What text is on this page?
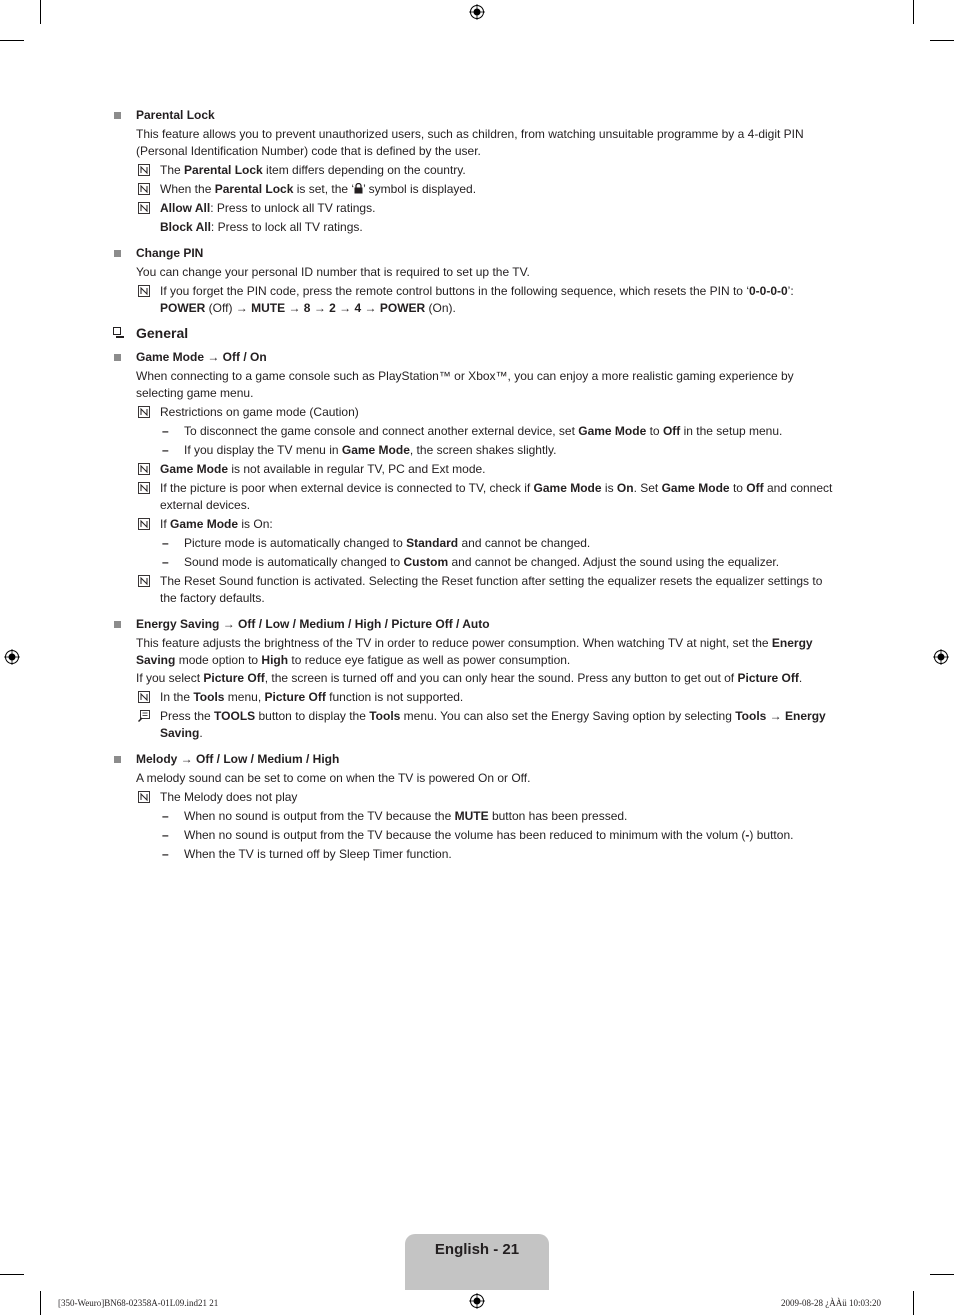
Parental Lock
This feature allows you to prevent unauthorized users, such as children, from watching unsuitable programme by a 4-digit PIN (Personal Identification Number) code that is defined by the user.
The Parental Lock item differs depending on the country.
When the Parental Lock is set, the ‘ ’ symbol is displayed.
Allow All: Press to unlock all TV ratings.
Block All: Press to lock all TV ratings.
Change PIN
You can change your personal ID number that is required to set up the TV.
If you forget the PIN code, press the remote control buttons in the following sequence, which resets the PIN to ‘0-0-0-0’:
POWER (Off) → MUTE → 8 → 2 → 4 → POWER (On).
General
Game Mode → Off / On
When connecting to a game console such as PlayStation™ or Xbox™, you can enjoy a more realistic gaming experience by selecting game menu.
Restrictions on game mode (Caution)
– To disconnect the game console and connect another external device, set Game Mode to Off in the setup menu.
– If you display the TV menu in Game Mode, the screen shakes slightly.
Game Mode is not available in regular TV, PC and Ext mode.
If the picture is poor when external device is connected to TV, check if Game Mode is On. Set Game Mode to Off and connect external devices.
If Game Mode is On:
– Picture mode is automatically changed to Standard and cannot be changed.
– Sound mode is automatically changed to Custom and cannot be changed. Adjust the sound using the equalizer.
The Reset Sound function is activated. Selecting the Reset function after setting the equalizer resets the equalizer settings to the factory defaults.
Energy Saving → Off / Low / Medium / High / Picture Off / Auto
This feature adjusts the brightness of the TV in order to reduce power consumption. When watching TV at night, set the Energy Saving mode option to High to reduce eye fatigue as well as power consumption.
If you select Picture Off, the screen is turned off and you can only hear the sound. Press any button to get out of Picture Off.
In the Tools menu, Picture Off function is not supported.
Press the TOOLS button to display the Tools menu. You can also set the Energy Saving option by selecting Tools → Energy Saving.
Melody → Off / Low / Medium / High
A melody sound can be set to come on when the TV is powered On or Off.
The Melody does not play
– When no sound is output from the TV because the MUTE button has been pressed.
– When no sound is output from the TV because the volume has been reduced to minimum with the volum (-) button.
– When the TV is turned off by Sleep Timer function.
English - 21
[350-Weuro]BN68-02358A-01L09.ind21 21	2009-08-28 ¿ÀÀü 10:03:20
